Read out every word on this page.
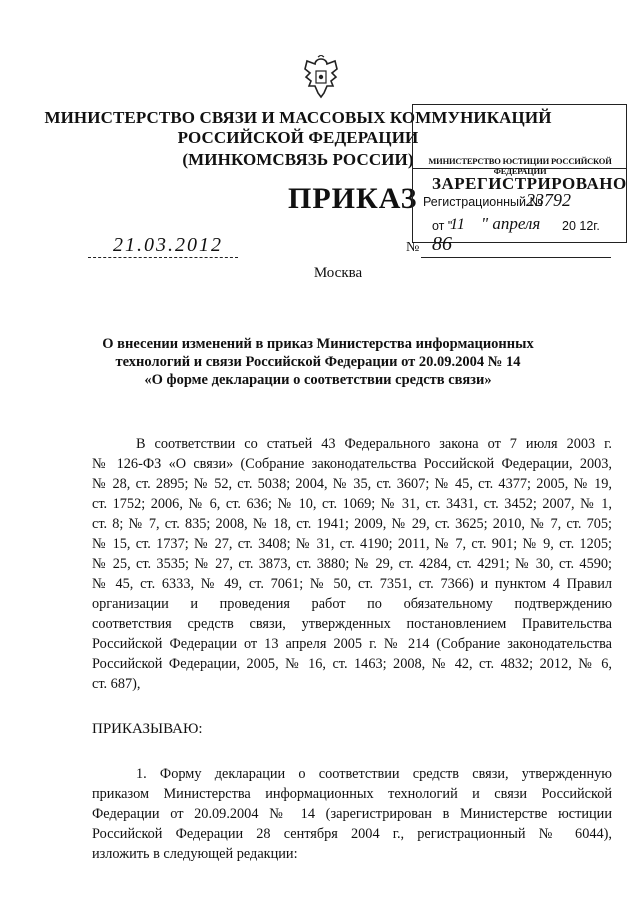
МИНИСТЕРСТВО СВЯЗИ И МАССОВЫХ КОММУНИКАЦИЙ
РОССИЙСКОЙ ФЕДЕРАЦИИ
(МИНКОМСВЯЗЬ РОССИИ)
ПРИКАЗ
МИНИСТЕРСТВО ЮСТИЦИИ РОССИЙСКОЙ ФЕДЕРАЦИИ
ЗАРЕГИСТРИРОВАНО
Регистрационный №
23792
от "
11 " апреля 20 12г.
21.03.2012	№ 86
Москва
О внесении изменений в приказ Министерства информационных
технологий и связи Российской Федерации от 20.09.2004 № 14
«О форме декларации о соответствии средств связи»
В соответствии со статьей 43 Федерального закона от 7 июля 2003 г.
№ 126-ФЗ «О связи» (Собрание законодательства Российской Федерации, 2003,
№ 28, ст. 2895; № 52, ст. 5038; 2004, № 35, ст. 3607; № 45, ст. 4377; 2005, № 19,
ст. 1752; 2006, № 6, ст. 636; № 10, ст. 1069; № 31, ст. 3431, ст. 3452; 2007, № 1,
ст. 8; № 7, ст. 835; 2008, № 18, ст. 1941; 2009, № 29, ст. 3625; 2010, № 7, ст. 705;
№ 15, ст. 1737; № 27, ст. 3408; № 31, ст. 4190; 2011, № 7, ст. 901; № 9, ст. 1205;
№ 25, ст. 3535; № 27, ст. 3873, ст. 3880; № 29, ст. 4284, ст. 4291; № 30, ст. 4590;
№ 45, ст. 6333, № 49, ст. 7061; № 50, ст. 7351, ст. 7366) и пунктом 4 Правил
организации и проведения работ по обязательному подтверждению
соответствия средств связи, утвержденных постановлением Правительства
Российской Федерации от 13 апреля 2005 г. № 214 (Собрание законодательства
Российской Федерации, 2005, № 16, ст. 1463; 2008, № 42, ст. 4832; 2012, № 6,
ст. 687),
ПРИКАЗЫВАЮ:
1. Форму декларации о соответствии средств связи, утвержденную
приказом Министерства информационных технологий и связи Российской
Федерации от 20.09.2004 № 14 (зарегистрирован в Министерстве юстиции
Российской Федерации 28 сентября 2004 г., регистрационный № 6044),
изложить в следующей редакции:
